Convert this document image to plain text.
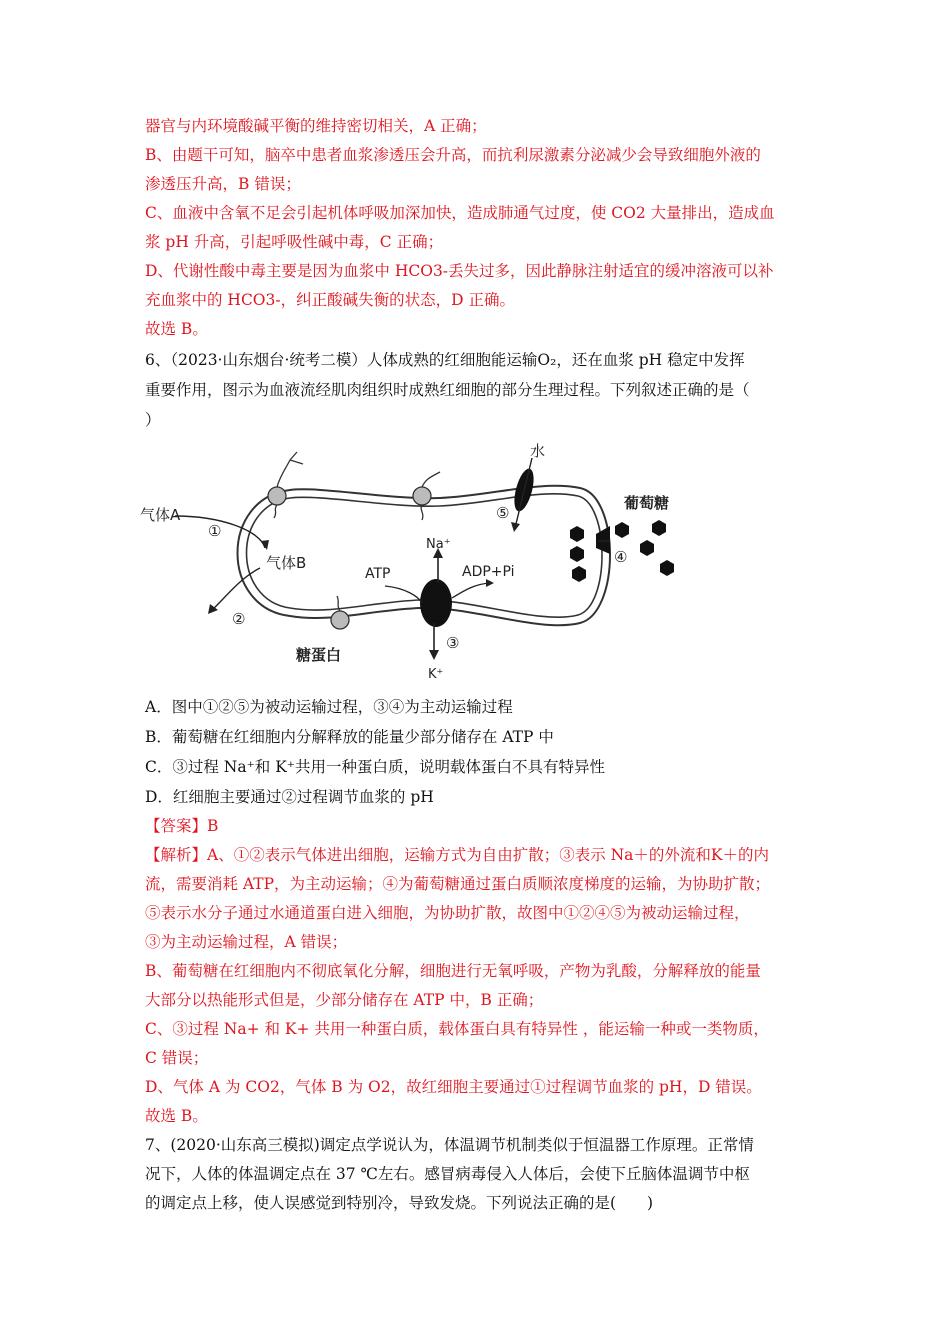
器官与内环境酸碱平衡的维持密切相关，A 正确；
B、由题干可知，脑卒中患者血浆渗透压会升高，而抗利尿激素分泌减少会导致细胞外液的
渗透压升高，B 错误；
C、血液中含氧不足会引起机体呼吸加深加快，造成肺通气过度，使 CO2 大量排出，造成血
浆 pH 升高，引起呼吸性碱中毒，C 正确；
D、代谢性酸中毒主要是因为血浆中 HCO3-丢失过多，因此静脉注射适宜的缓冲溶液可以补
充血浆中的 HCO3-，纠正酸碱失衡的状态，D 正确。
故选 B。
6、（2023·山东烟台·统考二模）人体成熟的红细胞能运输O₂，还在血浆 pH 稳定中发挥
重要作用，图示为血液流经肌肉组织时成熟红细胞的部分生理过程。下列叙述正确的是（
）
气体A
①
气体B
②
糖蛋白
水
⑤
葡萄糖
④
Na⁺
ATP	ADP+Pi
③
K⁺
A．图中①②⑤为被动运输过程，③④为主动运输过程
B．葡萄糖在红细胞内分解释放的能量少部分储存在 ATP 中
C．③过程 Na⁺和 K⁺共用一种蛋白质，说明载体蛋白不具有特异性
D．红细胞主要通过②过程调节血浆的 pH
【答案】B
【解析】A、①②表示气体进出细胞，运输方式为自由扩散；③表示 Na＋的外流和K＋的内
流，需要消耗 ATP，为主动运输；④为葡萄糖通过蛋白质顺浓度梯度的运输，为协助扩散；
⑤表示水分子通过水通道蛋白进入细胞，为协助扩散，故图中①②④⑤为被动运输过程，
③为主动运输过程，A 错误；
B、葡萄糖在红细胞内不彻底氧化分解，细胞进行无氧呼吸，产物为乳酸，分解释放的能量
大部分以热能形式但是，少部分储存在 ATP 中，B 正确；
C、③过程 Na+ 和 K+ 共用一种蛋白质，载体蛋白具有特异性 ，能运输一种或一类物质，
C 错误；
D、气体 A 为 CO2，气体 B 为 O2，故红细胞主要通过①过程调节血浆的 pH，D 错误。
故选 B。
7、(2020·山东高三模拟)调定点学说认为，体温调节机制类似于恒温器工作原理。正常情
况下，人体的体温调定点在 37 ℃左右。感冒病毒侵入人体后，会使下丘脑体温调节中枢
的调定点上移，使人误感觉到特别冷，导致发烧。下列说法正确的是(　　)
